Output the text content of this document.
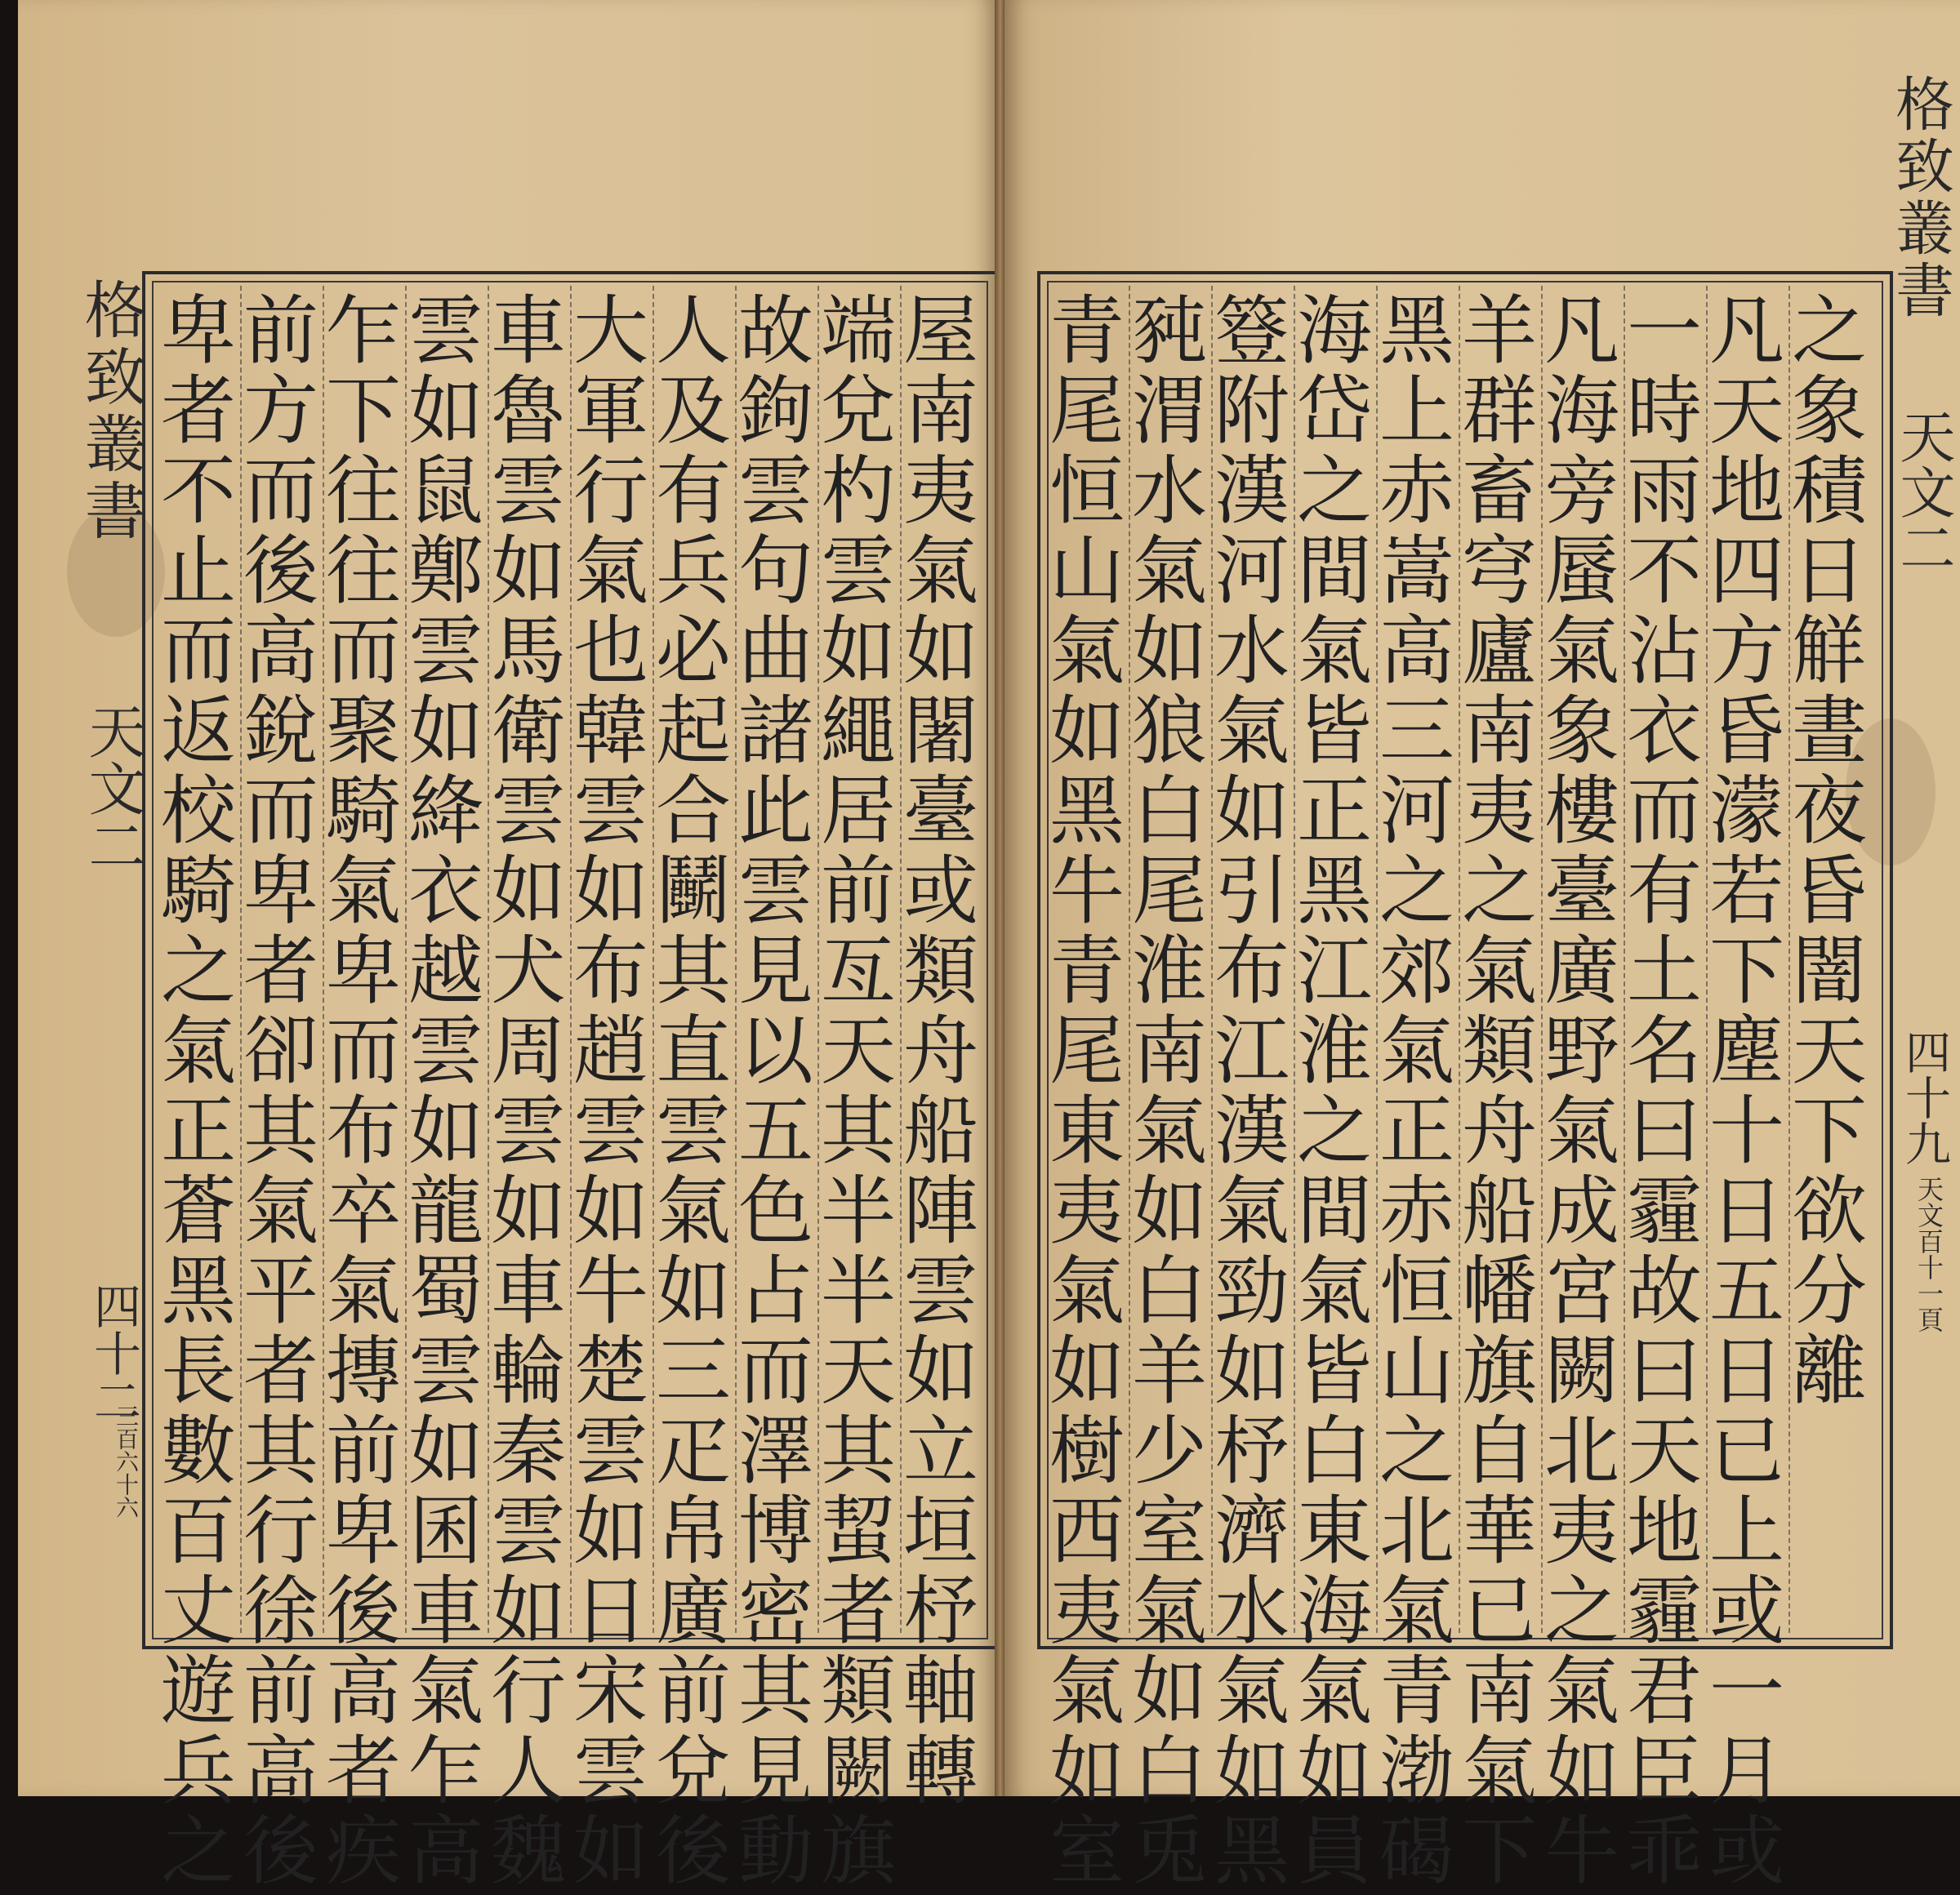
格致叢書
天文二
四十二
三百六十六
屋
南
夷
氣
如
闍
臺
或
類
舟
船
陣
雲
如
立
垣
杼
軸
轉
端
兌
杓
雲
如
繩
居
前
亙
天
其
半
半
天
其
蛪
者
類
闕
旗
故
鉤
雲
句
曲
諸
此
雲
見
以
五
色
占
而
澤
博
密
其
見
動
人
及
有
兵
必
起
合
鬭
其
直
雲
氣
如
三
疋
帛
廣
前
兌
後
大
軍
行
氣
也
韓
雲
如
布
趙
雲
如
牛
楚
雲
如
日
宋
雲
如
車
魯
雲
如
馬
衛
雲
如
犬
周
雲
如
車
輪
秦
雲
如
行
人
魏
雲
如
鼠
鄭
雲
如
絳
衣
越
雲
如
龍
蜀
雲
如
囷
車
氣
乍
高
乍
下
往
往
而
聚
騎
氣
卑
而
布
卒
氣
摶
前
卑
後
高
者
疾
前
方
而
後
高
銳
而
卑
者
卻
其
氣
平
者
其
行
徐
前
高
後
卑
者
不
止
而
返
校
騎
之
氣
正
蒼
黑
長
數
百
丈
遊
兵
之
格致叢書
天文二
四十九
天文百十一頁
之
象
積
日
觧
晝
夜
昏
闇
天
下
欲
分
離
凡
天
地
四
方
昏
濛
若
下
塵
十
日
五
日
已
上
或
一
月
或
一
時
雨
不
沾
衣
而
有
土
名
曰
霾
故
曰
天
地
霾
君
臣
乖
凡
海
旁
蜃
氣
象
樓
臺
廣
野
氣
成
宮
闕
北
夷
之
氣
如
牛
羊
群
畜
穹
廬
南
夷
之
氣
類
舟
船
幡
旗
自
華
已
南
氣
下
黑
上
赤
嵩
高
三
河
之
郊
氣
正
赤
恒
山
之
北
氣
青
渤
碣
海
岱
之
間
氣
皆
正
黑
江
淮
之
間
氣
皆
白
東
海
氣
如
員
簦
附
漢
河
水
氣
如
引
布
江
漢
氣
勁
如
杼
濟
水
氣
如
黑
豘
渭
水
氣
如
狼
白
尾
淮
南
氣
如
白
羊
少
室
氣
如
白
兎
青
尾
恒
山
氣
如
黑
牛
青
尾
東
夷
氣
如
樹
西
夷
氣
如
室
